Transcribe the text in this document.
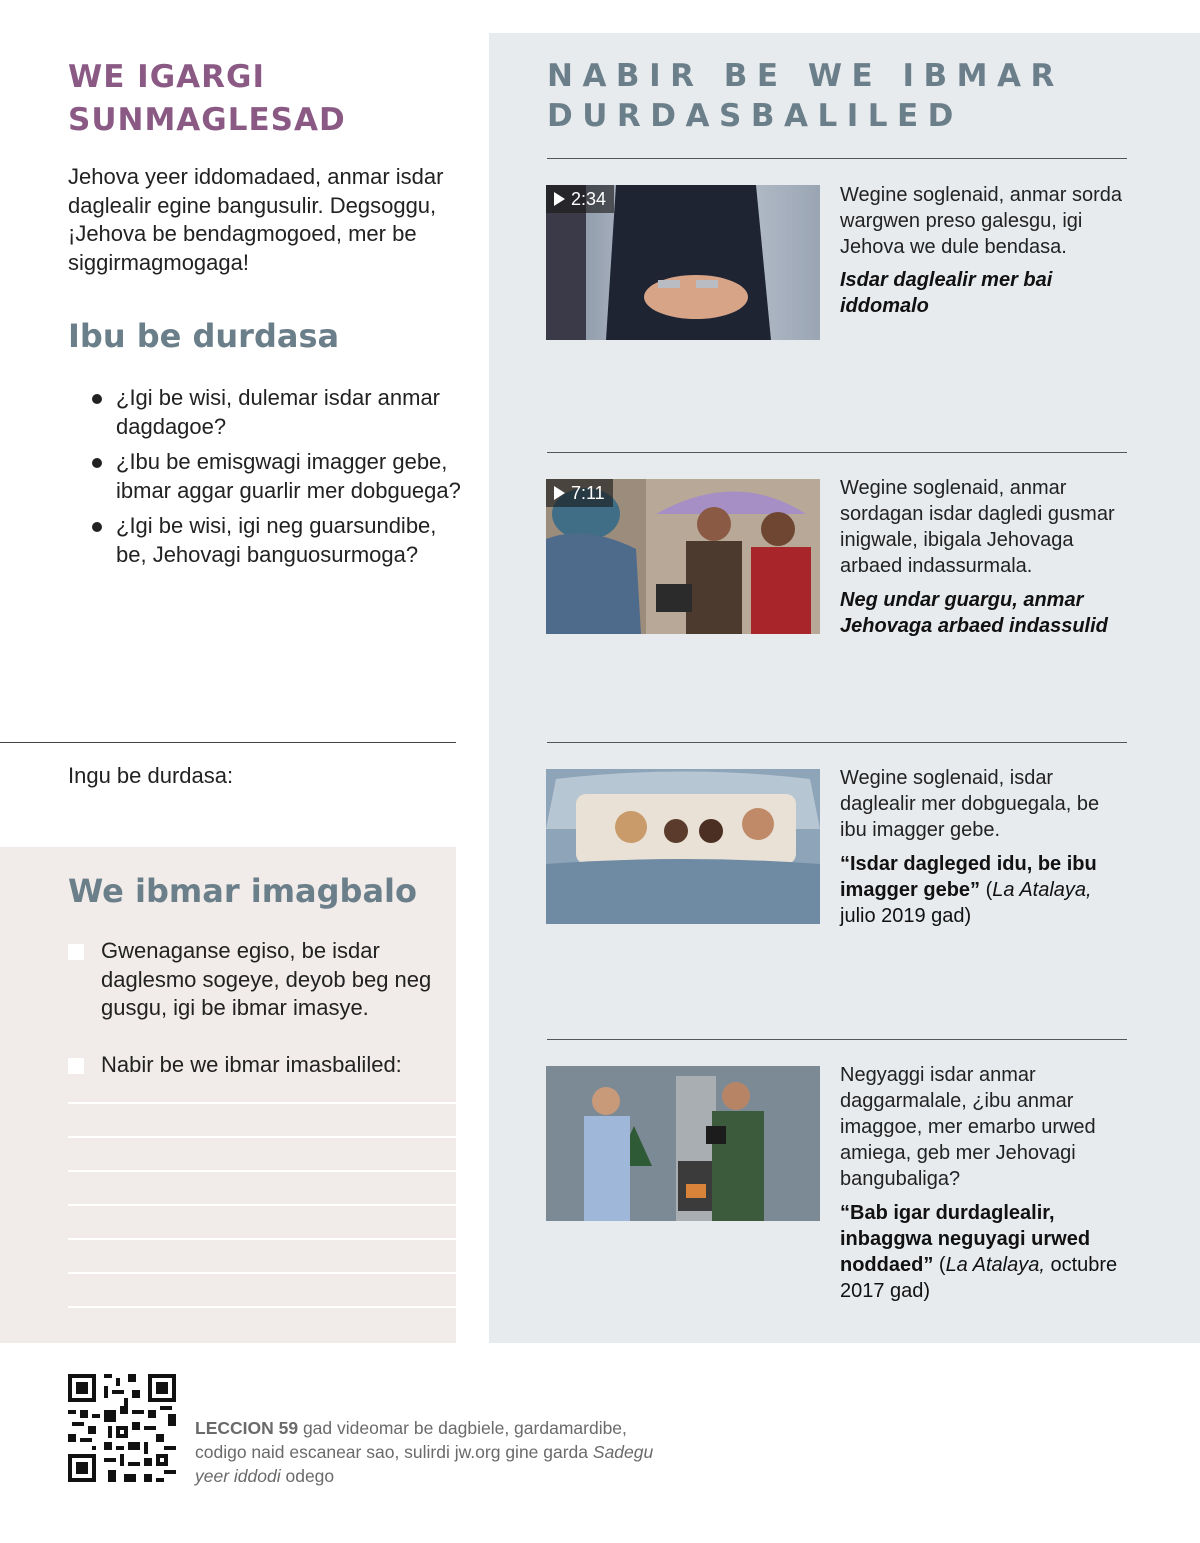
WE IGARGI
SUNMAGLESAD

Jehova yeer iddomadaed, anmar isdar daglealir egine bangusulir. Degsoggu, ¡Jehova be bendagmogoed, mer be siggirmagmogaga!

Ibu be durdasa
¿Igi be wisi, dulemar isdar anmar dagdagoe?
¿Ibu be emisgwagi imagger gebe, ibmar aggar guarlir mer dobguega?
¿Igi be wisi, igi neg guarsundibe, be, Jehovagi banguosurmoga?
Ingu be durdasa:
We ibmar imagbalo
Gwenaganse egiso, be isdar daglesmo sogeye, deyob beg neg gusgu, igi be ibmar imasye.
Nabir be we ibmar imasbaliled:
NABIR BE WE IBMAR
DURDASBALILED
2:34	Wegine soglenaid, anmar sorda wargwen preso galesgu, igi Jehova we dule bendasa.

Isdar daglealir mer bai iddomalo

7:11	Wegine soglenaid, anmar sordagan isdar dagledi gusmar inigwale, ibigala Jehovaga arbaed indassurmala.

Neg undar guargu, anmar Jehovaga arbaed indassulid

Wegine soglenaid, isdar daglealir mer dobguegala, be ibu imagger gebe.

“Isdar dagleged idu, be ibu imagger gebe” (La Atalaya, julio 2019 gad)

Negyaggi isdar anmar daggarmalale, ¿ibu anmar imaggoe, mer emarbo urwed amiega, geb mer Jehovagi bangubaliga?

“Bab igar durdaglealir, inbaggwa neguyagi urwed noddaed” (La Atalaya, octubre 2017 gad)

LECCION 59 gad videomar be dagbiele, gardamardibe, codigo naid escanear sao, sulirdi jw.org gine garda Sadegu yeer iddodi odego
